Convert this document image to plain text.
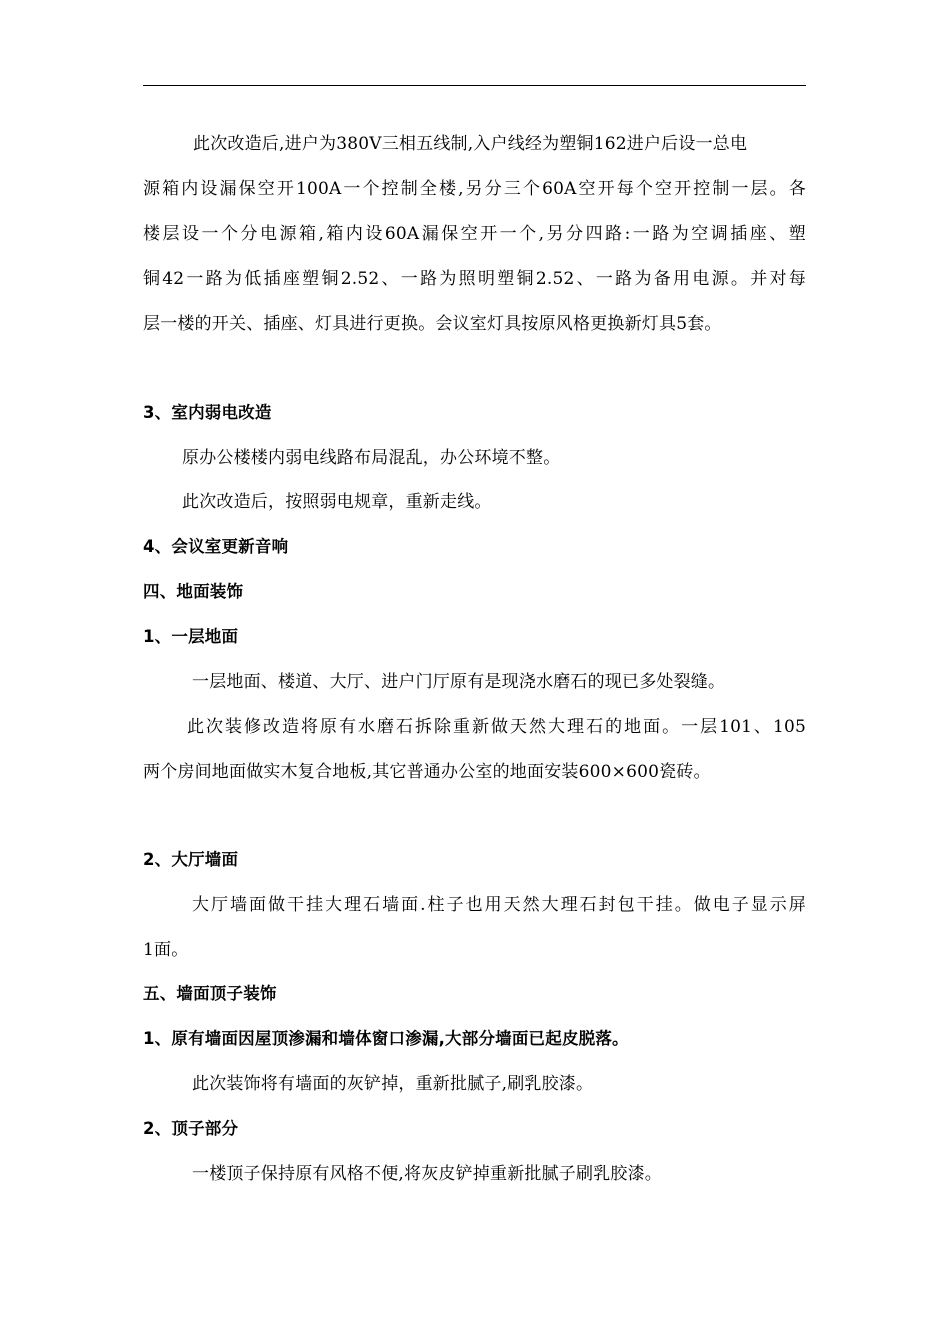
此次改造后,进户为380V三相五线制,入户线经为塑铜162进户后设一总电
源箱内设漏保空开100A一个控制全楼,另分三个60A空开每个空开控制一层。各
楼层设一个分电源箱,箱内设60A漏保空开一个,另分四路:一路为空调插座、塑
铜42一路为低插座塑铜2.52、一路为照明塑铜2.52、一路为备用电源。并对每
层一楼的开关、插座、灯具进行更换。会议室灯具按原风格更换新灯具5套。
3、室内弱电改造
原办公楼楼内弱电线路布局混乱，办公环境不整。
此次改造后，按照弱电规章，重新走线。
4、会议室更新音响
四、地面装饰
1、一层地面
一层地面、楼道、大厅、进户门厅原有是现浇水磨石的现已多处裂缝。
此次装修改造将原有水磨石拆除重新做天然大理石的地面。一层101、105
两个房间地面做实木复合地板,其它普通办公室的地面安装600×600瓷砖。
2、大厅墙面
大厅墙面做干挂大理石墙面.柱子也用天然大理石封包干挂。做电子显示屏
1面。
五、墙面顶子装饰
1、原有墙面因屋顶渗漏和墙体窗口渗漏,大部分墙面已起皮脱落。
此次装饰将有墙面的灰铲掉，重新批腻子,刷乳胶漆。
2、顶子部分
一楼顶子保持原有风格不便,将灰皮铲掉重新批腻子刷乳胶漆。
